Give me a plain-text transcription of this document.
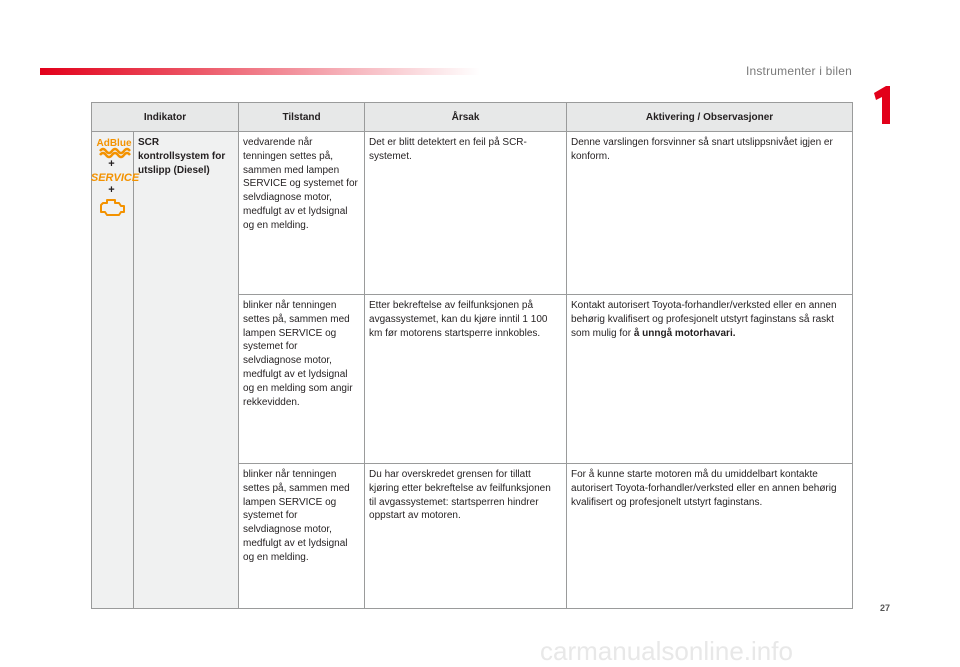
Instrumenter i bilen
Indikator		Tilstand	Årsak	Aktivering / Observasjoner

AdBlue
+
SERVICE
+	SCR kontrollsystem for utslipp (Diesel)	vedvarende når tenningen settes på, sammen med lampen SERVICE og systemet for selvdiagnose motor, medfulgt av et lydsignal og en melding.	Det er blitt detektert en feil på SCR-systemet.	Denne varslingen forsvinner så snart utslippsnivået igjen er konform.
		blinker når tenningen settes på, sammen med lampen SERVICE og systemet for selvdiagnose motor, medfulgt av et lydsignal og en melding som angir rekkevidden.	Etter bekreftelse av feilfunksjonen på avgassystemet, kan du kjøre inntil 1 100 km før motorens startsperre innkobles.	Kontakt autorisert Toyota-forhandler/verksted eller en annen behørig kvalifisert og profesjonelt utstyrt faginstans så raskt som mulig for å unngå motorhavari.
		blinker når tenningen settes på, sammen med lampen SERVICE og systemet for selvdiagnose motor, medfulgt av et lydsignal og en melding.	Du har overskredet grensen for tillatt kjøring etter bekreftelse av feilfunksjonen til avgassystemet: startsperren hindrer oppstart av motoren.	For å kunne starte motoren må du umiddelbart kontakte autorisert Toyota-forhandler/verksted eller en annen behørig kvalifisert og profesjonelt utstyrt faginstans.
27
carmanualsonline.info
